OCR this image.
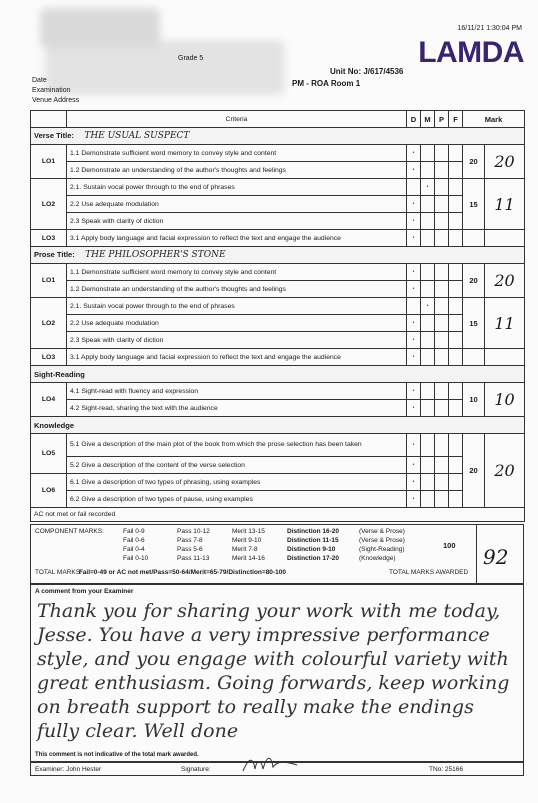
16/11/21 1:30:04 PM
LAMDA
Grade 5
Unit No: J/617/4536
PM - ROA Room 1
Date
Examination
Venue Address
	Criteria	D	M	P	F	Mark	
Verse Title: THE USUAL SUSPECT							
LO1	1.1 Demonstrate sufficient word memory to convey style and content	•				20	20
	1.2 Demonstrate an understanding of the author's thoughts and feelings	•					
LO2	2.1. Sustain vocal power through to the end of phrases		•			15	11
	2.2 Use adequate modulation	•					
	2.3 Speak with clarity of diction	•					
LO3	3.1 Apply body language and facial expression to reflect the text and engage the audience	•					
Prose Title: THE PHILOSOPHER'S STONE							
LO1	1.1 Demonstrate sufficient word memory to convey style and content	•				20	20
	1.2 Demonstrate an understanding of the author's thoughts and feelings	•					
LO2	2.1. Sustain vocal power through to the end of phrases		•			15	11
	2.2 Use adequate modulation	•					
	2.3 Speak with clarity of diction	•					
LO3	3.1 Apply body language and facial expression to reflect the text and engage the audience	•					
Sight-Reading							
LO4	4.1 Sight-read with fluency and expression	•				10	10
	4.2 Sight-read, sharing the text with the audience	•					
Knowledge							
LO5	5.1 Give a description of the main plot of the book from which the prose selection has been taken	•				20	20
	5.2 Give a description of the content of the verse selection	•					
LO6	6.1 Give a description of two types of phrasing, using examples	•					
	6.2 Give a description of two types of pause, using examples	•					
AC not met or fail recorded							
COMPONENT MARKS:	Fail 0-9	Pass 10-12	Merit 13-15	Distinction 16-20	(Verse & Prose)
Fail 0-6	Pass 7-8	Merit 9-10	Distinction 11-15	(Verse & Prose)
Fail 0-4	Pass 5-6	Merit 7-8	Distinction 9-10	(Sight-Reading)
Fail 0-10	Pass 11-13	Merit 14-16	Distinction 17-20	(Knowledge)
TOTAL MARKS: Fail=0-49 or AC not met/Pass=50-64/Merit=65-79/Distinction=80-100	TOTAL MARKS AWARDED
100 92
A comment from your Examiner
Thank you for sharing your work with me today, Jesse. You have a very impressive performance style, and you engage with colourful variety with great enthusiasm. Going forwards, keep working on breath support to really make the endings fully clear. Well done
This comment is not indicative of the total mark awarded.
Examiner: John Hester	Signature:	TNo: 25166
